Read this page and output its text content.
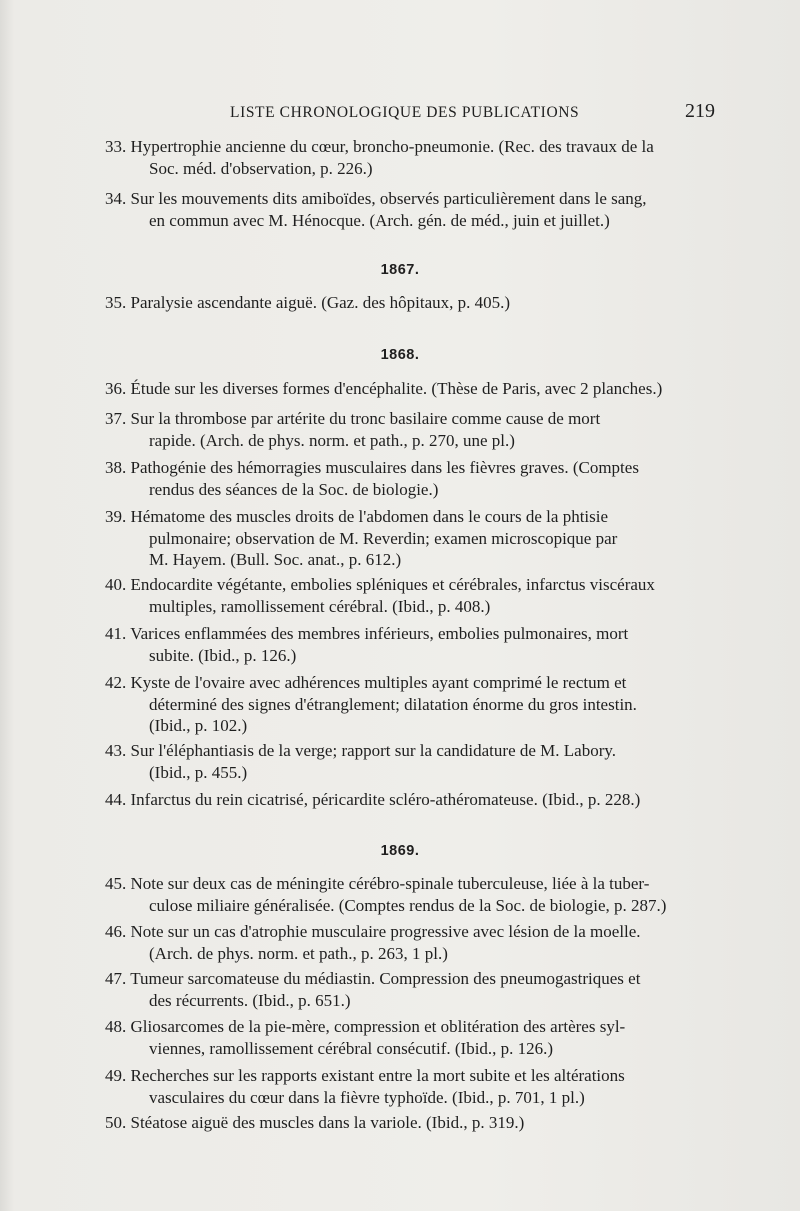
LISTE CHRONOLOGIQUE DES PUBLICATIONS	219
33. Hypertrophie ancienne du cœur, broncho-pneumonie. (Rec. des travaux de la
Soc. méd. d'observation, p. 226.)
34. Sur les mouvements dits amiboïdes, observés particulièrement dans le sang,
en commun avec M. Hénocque. (Arch. gén. de méd., juin et juillet.)
1867.
35. Paralysie ascendante aiguë. (Gaz. des hôpitaux, p. 405.)
1868.
36. Étude sur les diverses formes d'encéphalite. (Thèse de Paris, avec 2 planches.)
37. Sur la thrombose par artérite du tronc basilaire comme cause de mort
rapide. (Arch. de phys. norm. et path., p. 270, une pl.)
38. Pathogénie des hémorragies musculaires dans les fièvres graves. (Comptes
rendus des séances de la Soc. de biologie.)
39. Hématome des muscles droits de l'abdomen dans le cours de la phtisie
pulmonaire; observation de M. Reverdin; examen microscopique par
M. Hayem. (Bull. Soc. anat., p. 612.)
40. Endocardite végétante, embolies spléniques et cérébrales, infarctus viscéraux
multiples, ramollissement cérébral. (Ibid., p. 408.)
41. Varices enflammées des membres inférieurs, embolies pulmonaires, mort
subite. (Ibid., p. 126.)
42. Kyste de l'ovaire avec adhérences multiples ayant comprimé le rectum et
déterminé des signes d'étranglement; dilatation énorme du gros intestin.
(Ibid., p. 102.)
43. Sur l'éléphantiasis de la verge; rapport sur la candidature de M. Labory.
(Ibid., p. 455.)
44. Infarctus du rein cicatrisé, péricardite scléro-athéromateuse. (Ibid., p. 228.)
1869.
45. Note sur deux cas de méningite cérébro-spinale tuberculeuse, liée à la tuber-
culose miliaire généralisée. (Comptes rendus de la Soc. de biologie, p. 287.)
46. Note sur un cas d'atrophie musculaire progressive avec lésion de la moelle.
(Arch. de phys. norm. et path., p. 263, 1 pl.)
47. Tumeur sarcomateuse du médiastin. Compression des pneumogastriques et
des récurrents. (Ibid., p. 651.)
48. Gliosarcomes de la pie-mère, compression et oblitération des artères syl-
viennes, ramollissement cérébral consécutif. (Ibid., p. 126.)
49. Recherches sur les rapports existant entre la mort subite et les altérations
vasculaires du cœur dans la fièvre typhoïde. (Ibid., p. 701, 1 pl.)
50. Stéatose aiguë des muscles dans la variole. (Ibid., p. 319.)
